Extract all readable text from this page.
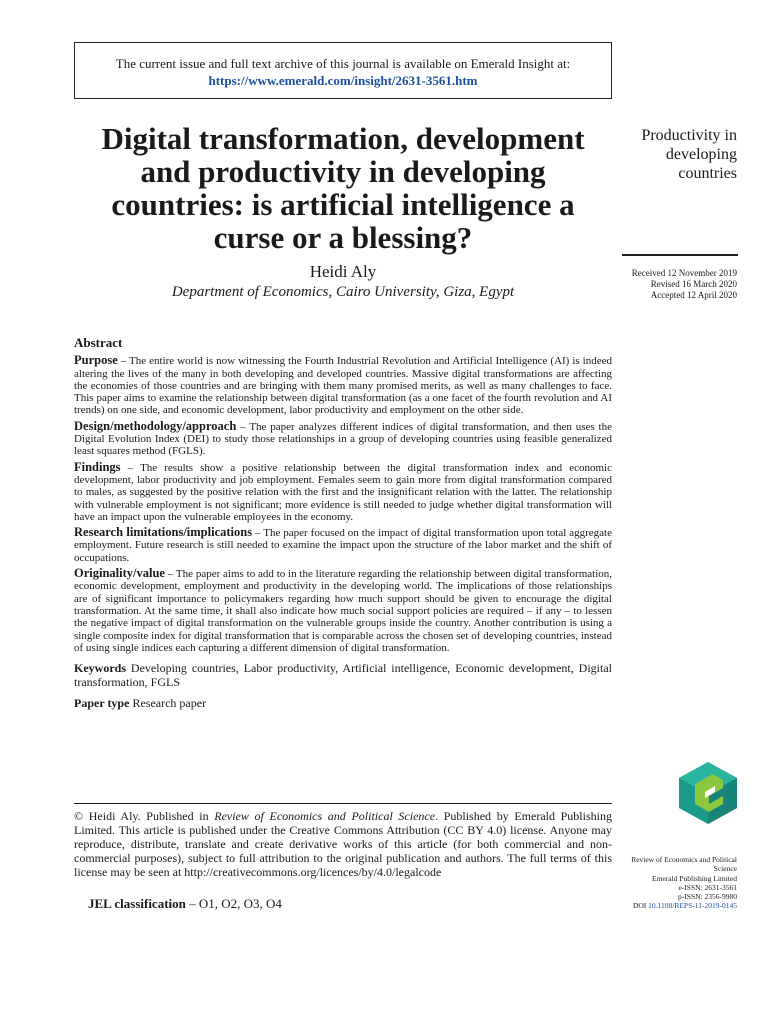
The current issue and full text archive of this journal is available on Emerald Insight at:
https://www.emerald.com/insight/2631-3561.htm
Digital transformation, development and productivity in developing countries: is artificial intelligence a curse or a blessing?
Heidi Aly
Department of Economics, Cairo University, Giza, Egypt
Productivity in
developing
countries
Received 12 November 2019
Revised 16 March 2020
Accepted 12 April 2020
Abstract

Purpose – The entire world is now witnessing the Fourth Industrial Revolution and Artificial Intelligence (AI) is indeed altering the lives of the many in both developing and developed countries. Massive digital transformations are affecting the economies of those countries and are bringing with them many promised merits, as well as many challenges to face. This paper aims to examine the relationship between digital transformation (as a one facet of the fourth revolution and AI trends) on one side, and economic development, labor productivity and employment on the other side.

Design/methodology/approach – The paper analyzes different indices of digital transformation, and then uses the Digital Evolution Index (DEI) to study those relationships in a group of developing countries using feasible generalized least squares method (FGLS).

Findings – The results show a positive relationship between the digital transformation index and economic development, labor productivity and job employment. Females seem to gain more from digital transformation compared to males, as suggested by the positive relation with the first and the insignificant relation with the latter. The relationship with vulnerable employment is not significant; more evidence is still needed to judge whether digital transformation will have an impact upon the vulnerable employees in the economy.

Research limitations/implications – The paper focused on the impact of digital transformation upon total aggregate employment. Future research is still needed to examine the impact upon the structure of the labor market and the shift of occupations.

Originality/value – The paper aims to add to in the literature regarding the relationship between digital transformation, economic development, employment and productivity in the developing world. The implications of those relationships are of significant importance to policymakers regarding how much support should be given to encourage the digital transformation. At the same time, it shall also indicate how much social support policies are required – if any – to lessen the negative impact of digital transformation on the vulnerable groups inside the country. Another contribution is using a single composite index for digital transformation that is comparable across the chosen set of developing countries, instead of using single indices each capturing a different dimension of digital transformation.

Keywords Developing countries, Labor productivity, Artificial intelligence, Economic development, Digital transformation, FGLS
Paper type Research paper
© Heidi Aly. Published in Review of Economics and Political Science. Published by Emerald Publishing Limited. This article is published under the Creative Commons Attribution (CC BY 4.0) license. Anyone may reproduce, distribute, translate and create derivative works of this article (for both commercial and non-commercial purposes), subject to full attribution to the original publication and authors. The full terms of this license may be seen at http://creativecommons.org/licences/by/4.0/legalcode
JEL classification – O1, O2, O3, O4
Review of Economics and Political Science
Emerald Publishing Limited
e-ISSN: 2631-3561
p-ISSN: 2356-9980
DOI 10.1108/REPS-11-2019-0145
